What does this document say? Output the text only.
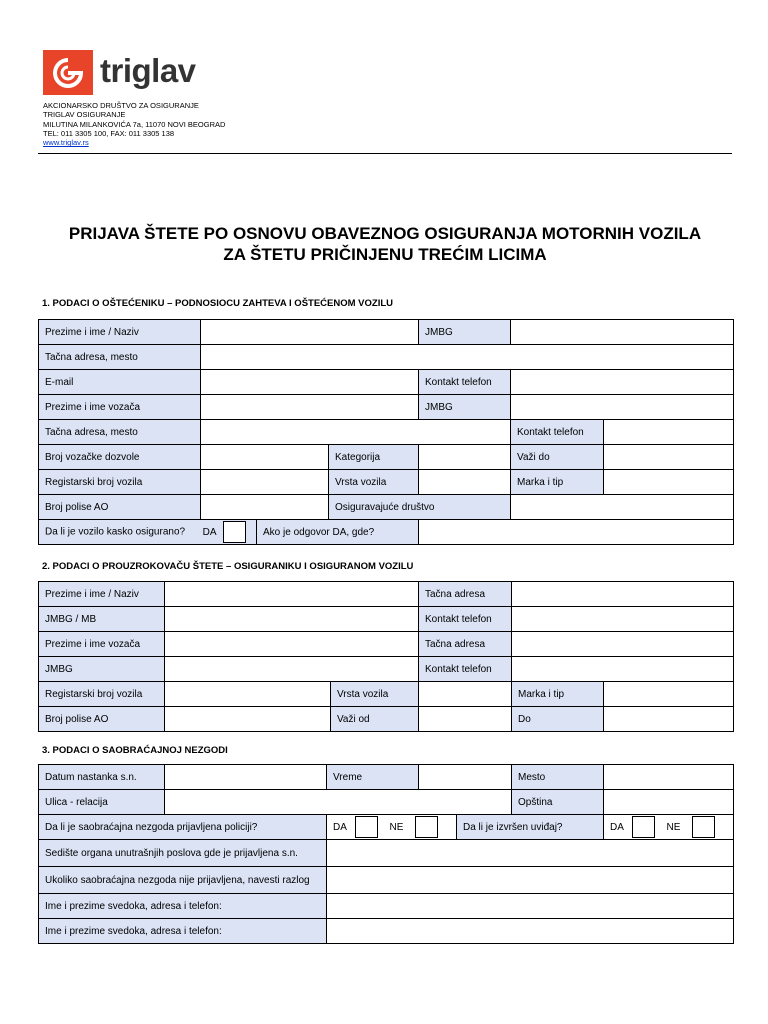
triglav
AKCIONARSKO DRUŠTVO ZA OSIGURANJE
TRIGLAV OSIGURANJE
MILUTINA MILANKOVIĆA 7a, 11070 NOVI BEOGRAD
TEL: 011 3305 100, FAX: 011 3305 138
www.triglav.rs
PRIJAVA ŠTETE PO OSNOVU OBAVEZNOG OSIGURANJA MOTORNIH VOZILA
ZA ŠTETU PRIČINJENU TREĆIM LICIMA
1. PODACI O OŠTEĆENIKU – PODNOSIOCU ZAHTEVA I OŠTEĆENOM VOZILU
Prezime i ime / Naziv				JMBG		
Tačna adresa, mesto						
E-mail				Kontakt telefon		
Prezime i ime vozača				JMBG		
Tačna adresa, mesto					Kontakt telefon	
Broj vozačke dozvole			Kategorija		Važi do	
Registarski broj vozila			Vrsta vozila		Marka i tip	
Broj polise AO			Osiguravajuće društvo			
Da li je vozilo kasko osigurano? DA		Ako je odgovor DA, gde?				
2. PODACI O PROUZROKOVAČU ŠTETE – OSIGURANIKU I OSIGURANOM VOZILU
Prezime i ime / Naziv			Tačna adresa		
JMBG / MB			Kontakt telefon		
Prezime i ime vozača			Tačna adresa		
JMBG			Kontakt telefon		
Registarski broj vozila		Vrsta vozila		Marka i tip	
Broj polise AO		Važi od		Do	
3. PODACI O SAOBRAĆAJNOJ NEZGODI
Datum nastanka s.n.		Vreme		Mesto	
Ulica - relacija				Opština	
Da li je saobraćajna nezgoda prijavljena policiji?	DA NE	Da li je izvršen uviđaj?	DA NE
Sedište organa unutrašnjih poslova gde je prijavljena s.n.			
Ukoliko saobraćajna nezgoda nije prijavljena, navesti razlog			
Ime i prezime svedoka, adresa i telefon:			
Ime i prezime svedoka, adresa i telefon:			
